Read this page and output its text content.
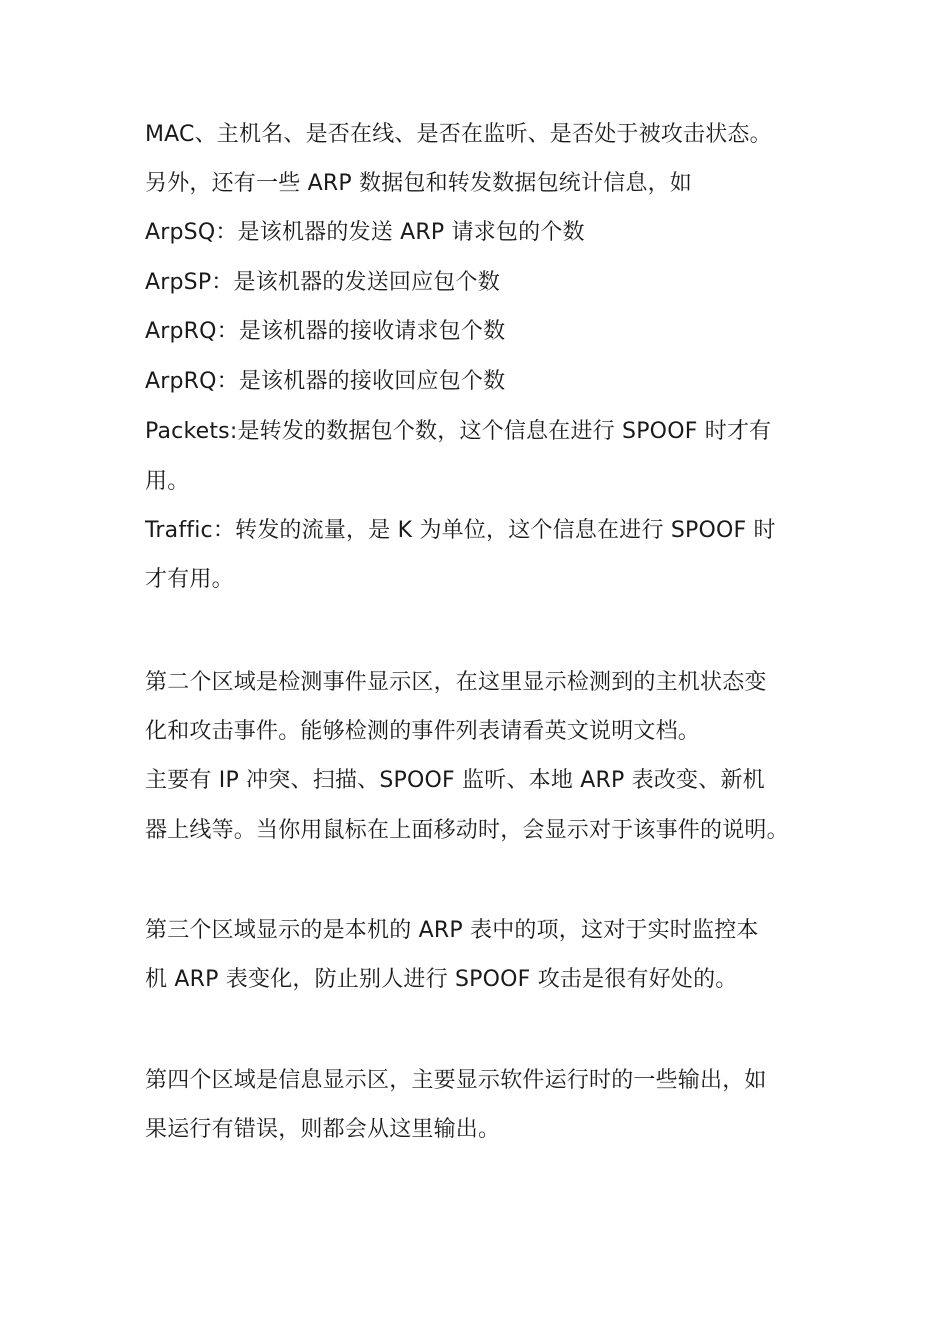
MAC、主机名、是否在线、是否在监听、是否处于被攻击状态。
另外，还有一些 ARP 数据包和转发数据包统计信息，如
ArpSQ：是该机器的发送 ARP 请求包的个数
ArpSP：是该机器的发送回应包个数
ArpRQ：是该机器的接收请求包个数
ArpRQ：是该机器的接收回应包个数
Packets:是转发的数据包个数，这个信息在进行 SPOOF 时才有
用。
Traffic：转发的流量，是 K 为单位，这个信息在进行 SPOOF 时
才有用。
第二个区域是检测事件显示区，在这里显示检测到的主机状态变
化和攻击事件。能够检测的事件列表请看英文说明文档。
主要有 IP 冲突、扫描、SPOOF 监听、本地 ARP 表改变、新机
器上线等。当你用鼠标在上面移动时，会显示对于该事件的说明。
第三个区域显示的是本机的 ARP 表中的项，这对于实时监控本
机 ARP 表变化，防止别人进行 SPOOF 攻击是很有好处的。
第四个区域是信息显示区，主要显示软件运行时的一些输出，如
果运行有错误，则都会从这里输出。
